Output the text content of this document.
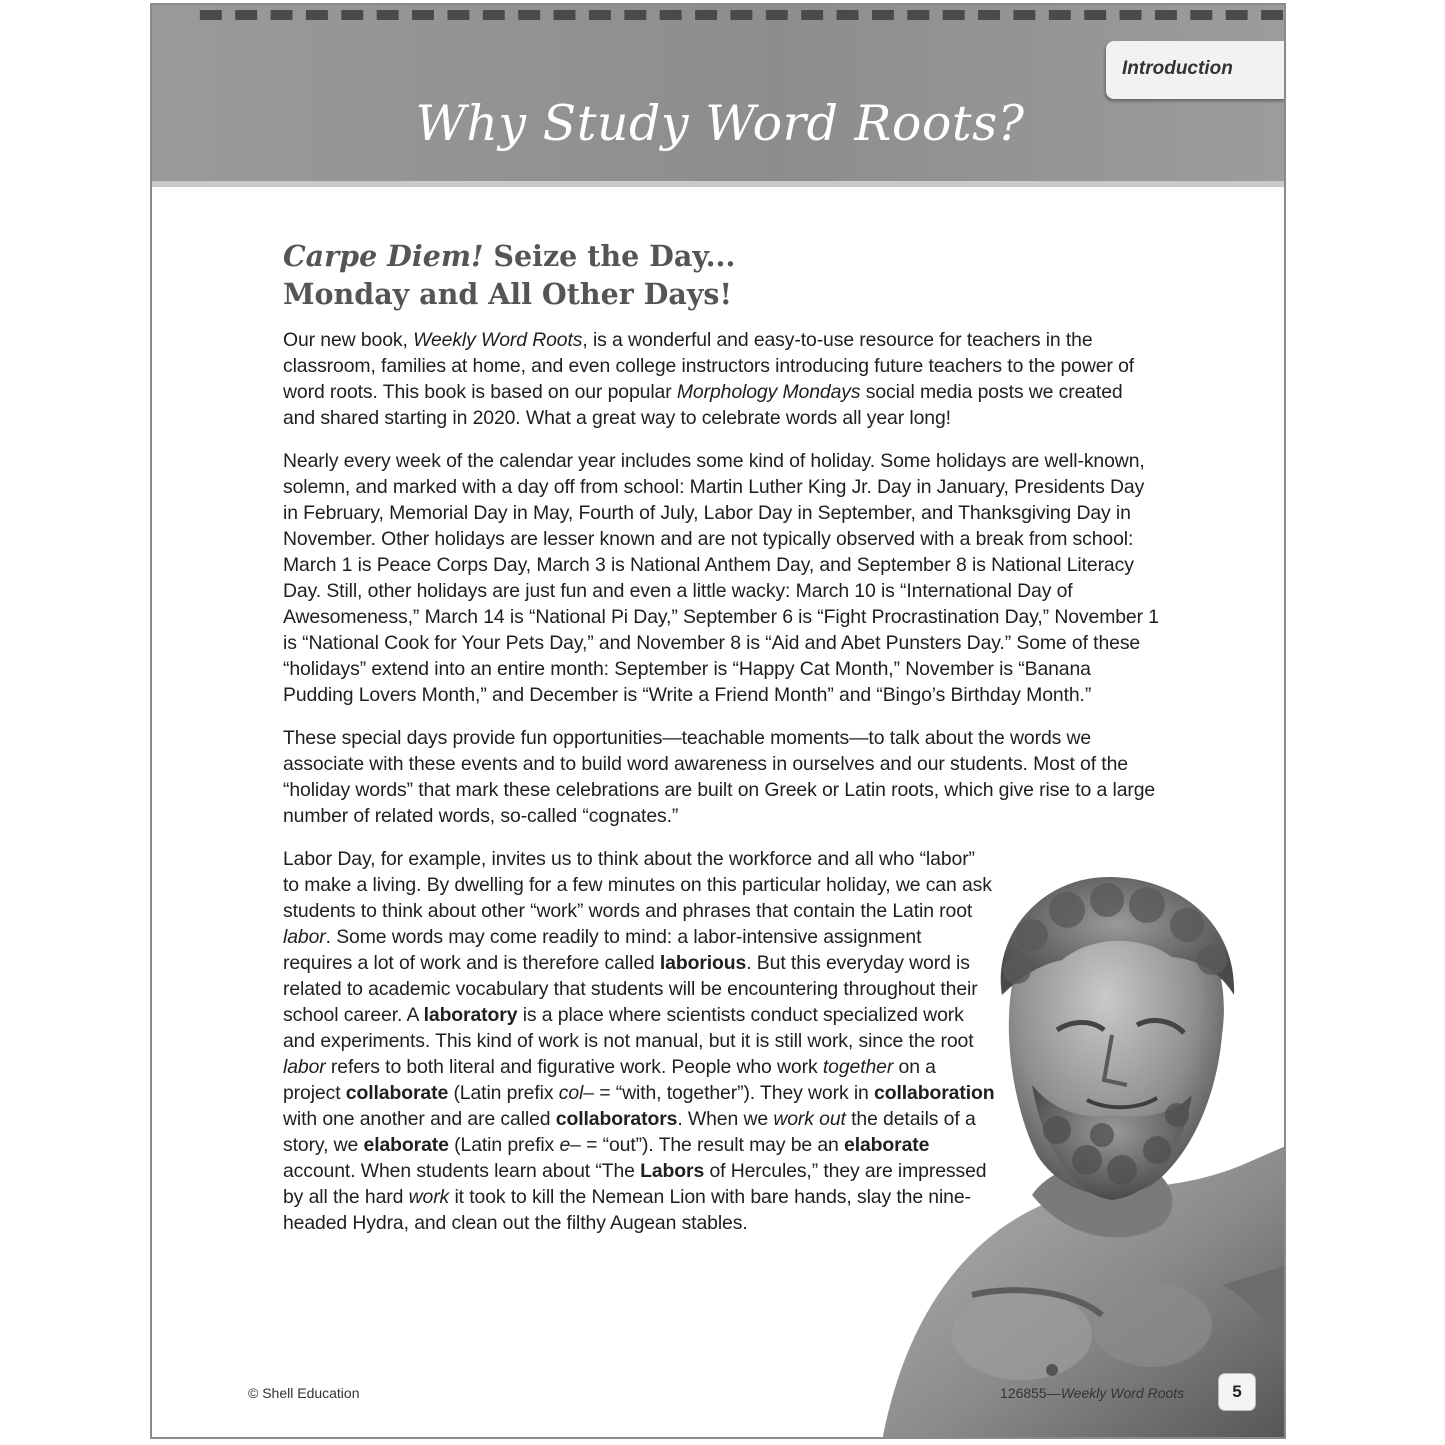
Introduction
Why Study Word Roots?
Carpe Diem! Seize the Day...
Monday and All Other Days!

Our new book, Weekly Word Roots, is a wonderful and easy-to-use resource for teachers in the classroom, families at home, and even college instructors introducing future teachers to the power of word roots. This book is based on our popular Morphology Mondays social media posts we created and shared starting in 2020. What a great way to celebrate words all year long!

Nearly every week of the calendar year includes some kind of holiday. Some holidays are well-known, solemn, and marked with a day off from school: Martin Luther King Jr. Day in January, Presidents Day in February, Memorial Day in May, Fourth of July, Labor Day in September, and Thanksgiving Day in November. Other holidays are lesser known and are not typically observed with a break from school: March 1 is Peace Corps Day, March 3 is National Anthem Day, and September 8 is National Literacy Day. Still, other holidays are just fun and even a little wacky: March 10 is “International Day of Awesomeness,” March 14 is “National Pi Day,” September 6 is “Fight Procrastination Day,” November 1 is “National Cook for Your Pets Day,” and November 8 is “Aid and Abet Punsters Day.” Some of these “holidays” extend into an entire month: September is “Happy Cat Month,” November is “Banana Pudding Lovers Month,” and December is “Write a Friend Month” and “Bingo’s Birthday Month.”

These special days provide fun opportunities—teachable moments—to talk about the words we associate with these events and to build word awareness in ourselves and our students. Most of the “holiday words” that mark these celebrations are built on Greek or Latin roots, which give rise to a large number of related words, so-called “cognates.”

Labor Day, for example, invites us to think about the workforce and all who “labor” to make a living. By dwelling for a few minutes on this particular holiday, we can ask students to think about other “work” words and phrases that contain the Latin root labor. Some words may come readily to mind: a labor-intensive assignment requires a lot of work and is therefore called laborious. But this everyday word is related to academic vocabulary that students will be encountering throughout their school career. A laboratory is a place where scientists conduct specialized work and experiments. This kind of work is not manual, but it is still work, since the root labor refers to both literal and figurative work. People who work together on a project collaborate (Latin prefix col– = “with, together”). They work in collaboration with one another and are called collaborators. When we work out the details of a story, we elaborate (Latin prefix e– = “out”). The result may be an elaborate account. When students learn about “The Labors of Hercules,” they are impressed by all the hard work it took to kill the Nemean Lion with bare hands, slay the nine-headed Hydra, and clean out the filthy Augean stables.

© Shell Education	126855—Weekly Word Roots	5
